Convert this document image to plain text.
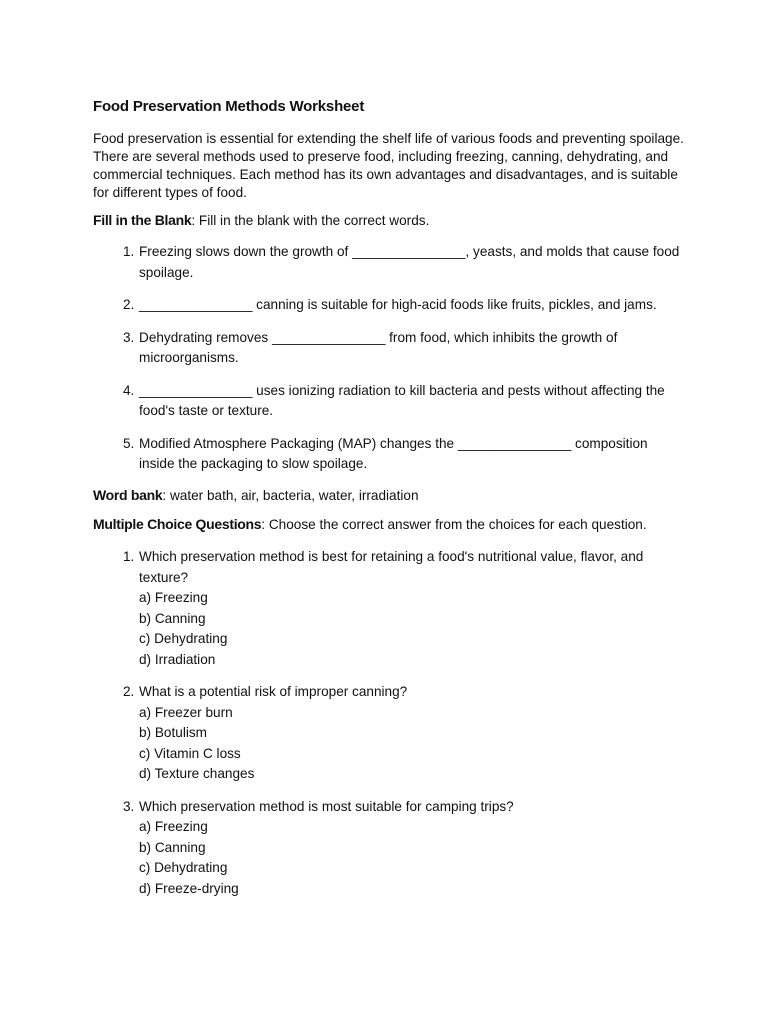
Food Preservation Methods Worksheet
Food preservation is essential for extending the shelf life of various foods and preventing spoilage. There are several methods used to preserve food, including freezing, canning, dehydrating, and commercial techniques. Each method has its own advantages and disadvantages, and is suitable for different types of food.
Fill in the Blank: Fill in the blank with the correct words.
1. Freezing slows down the growth of _______________, yeasts, and molds that cause food spoilage.
2. _______________ canning is suitable for high-acid foods like fruits, pickles, and jams.
3. Dehydrating removes _______________ from food, which inhibits the growth of microorganisms.
4. _______________ uses ionizing radiation to kill bacteria and pests without affecting the food's taste or texture.
5. Modified Atmosphere Packaging (MAP) changes the _______________ composition inside the packaging to slow spoilage.
Word bank: water bath, air, bacteria, water, irradiation
Multiple Choice Questions: Choose the correct answer from the choices for each question.
1. Which preservation method is best for retaining a food's nutritional value, flavor, and texture?
a) Freezing
b) Canning
c) Dehydrating
d) Irradiation
2. What is a potential risk of improper canning?
a) Freezer burn
b) Botulism
c) Vitamin C loss
d) Texture changes
3. Which preservation method is most suitable for camping trips?
a) Freezing
b) Canning
c) Dehydrating
d) Freeze-drying
